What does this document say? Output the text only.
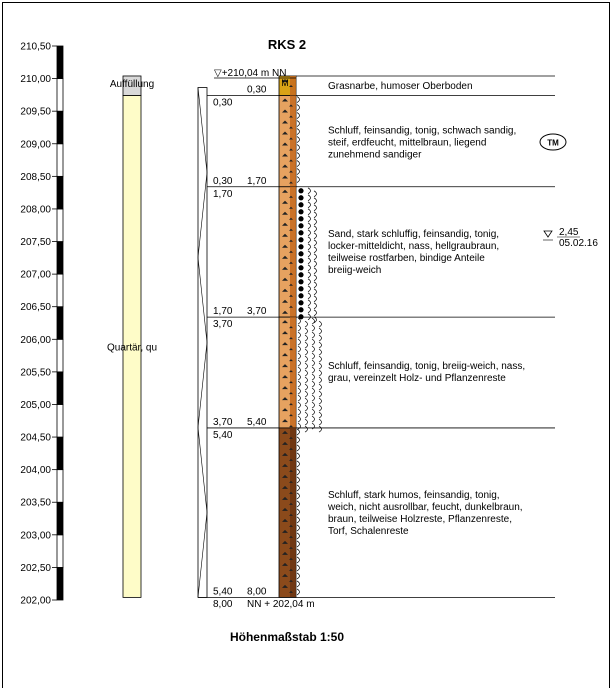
RKS 2
210,50
210,00
209,50
209,00
208,50
208,00
207,50
207,00
206,50
206,00
205,50
205,00
204,50
204,00
203,50
203,00
202,50
202,00
Auffüllung
Quartär, qu
0,30
0,30
0,30 1,70
1,70
1,70 3,70
3,70
3,70 5,40
5,40
5,40 8,00
M	Grasnarbe, humoser Oberboden
Schluff, feinsandig, tonig, schwach sandig,
steif, erdfeucht, mittelbraun, liegend
zunehmend sandiger
Sand, stark schluffig, feinsandig, tonig,
locker-mitteldicht, nass, hellgraubraun,
teilweise rostfarben, bindige Anteile
breiig-weich
Schluff, feinsandig, tonig, breiig-weich, nass,
grau, vereinzelt Holz- und Pflanzenreste
Schluff, stark humos, feinsandig, tonig,
weich, nicht ausrollbar, feucht, dunkelbraun,
braun, teilweise Holzreste, Pflanzenreste,
Torf, Schalenreste
▽+210,04 m NN
NN + 202,04 m
8,00
2,45
05.02.16
TM
Höhenmaßstab 1:50
